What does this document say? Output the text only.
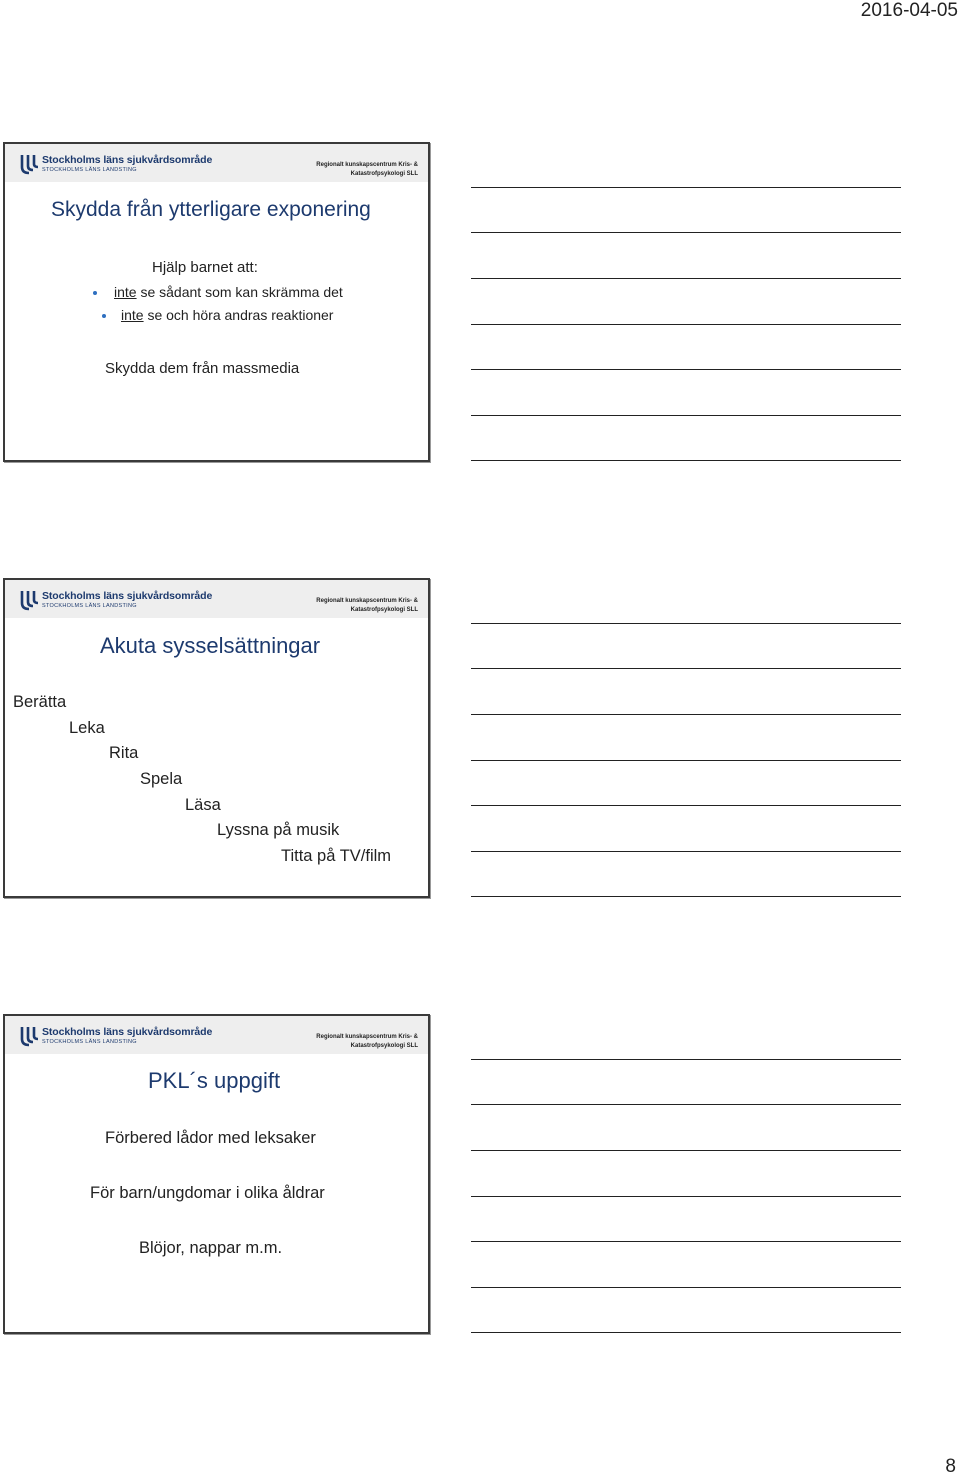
2016-04-05
Stockholms läns sjukvårdsområde
STOCKHOLMS LÄNS LANDSTING
Regionalt kunskapscentrum Kris- &
Katastrofpsykologi SLL
Skydda från ytterligare exponering
Hjälp barnet att:
inte se sådant som kan skrämma det
inte se och höra andras reaktioner
Skydda dem från massmedia
Stockholms läns sjukvårdsområde
STOCKHOLMS LÄNS LANDSTING
Regionalt kunskapscentrum Kris- &
Katastrofpsykologi SLL
Akuta sysselsättningar
Berätta
Leka
Rita
Spela
Läsa
Lyssna på musik
Titta på TV/film
Stockholms läns sjukvårdsområde
STOCKHOLMS LÄNS LANDSTING
Regionalt kunskapscentrum Kris- &
Katastrofpsykologi SLL
PKL´s uppgift
Förbered lådor med leksaker
För barn/ungdomar i olika åldrar
Blöjor, nappar m.m.
8
